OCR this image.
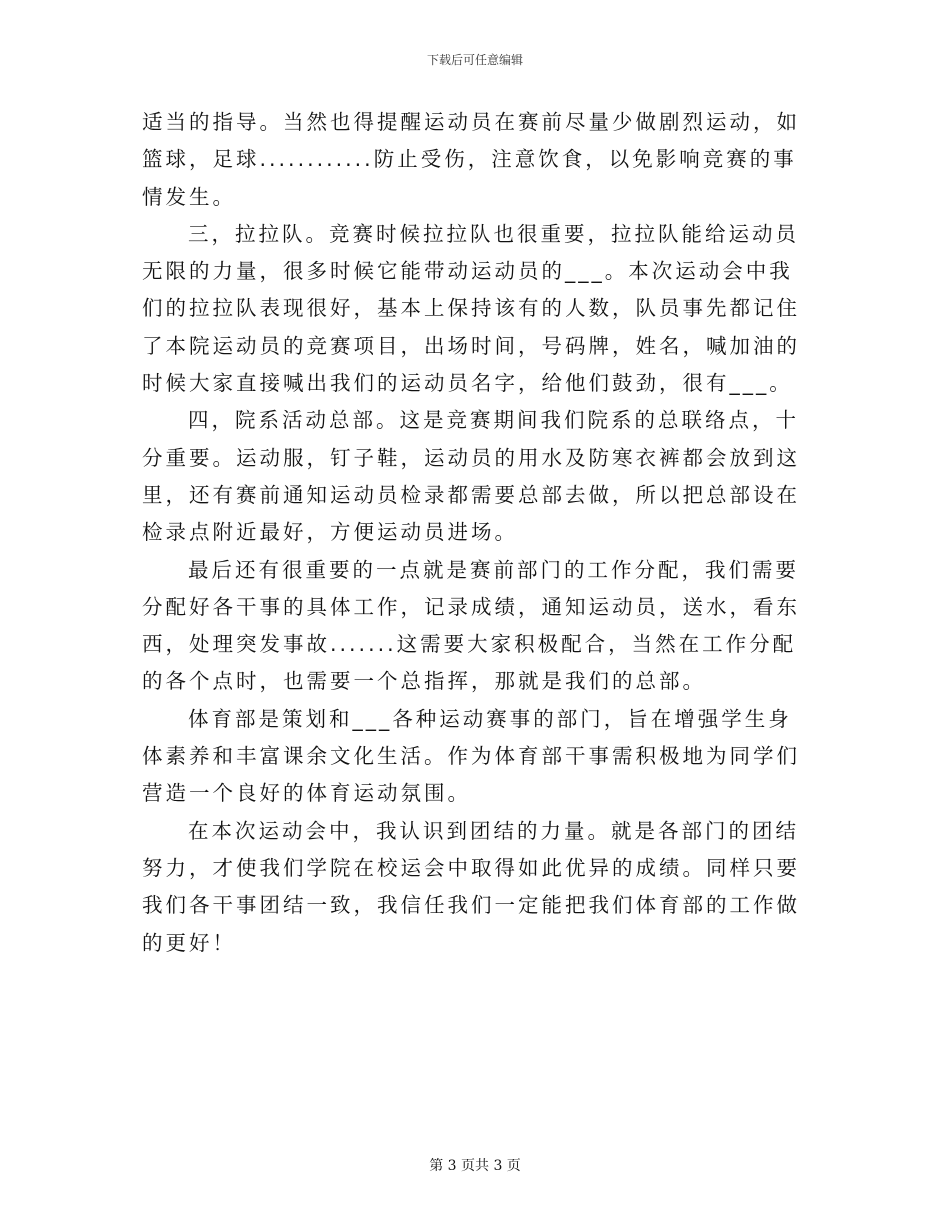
下载后可任意编辑

适当的指导。当然也得提醒运动员在赛前尽量少做剧烈运动，如篮球，足球............防止受伤，注意饮食，以免影响竞赛的事情发生。

三，拉拉队。竞赛时候拉拉队也很重要，拉拉队能给运动员无限的力量，很多时候它能带动运动员的___。本次运动会中我们的拉拉队表现很好，基本上保持该有的人数，队员事先都记住了本院运动员的竞赛项目，出场时间，号码牌，姓名，喊加油的时候大家直接喊出我们的运动员名字，给他们鼓劲，很有___。

四，院系活动总部。这是竞赛期间我们院系的总联络点，十分重要。运动服，钉子鞋，运动员的用水及防寒衣裤都会放到这里，还有赛前通知运动员检录都需要总部去做，所以把总部设在检录点附近最好，方便运动员进场。

最后还有很重要的一点就是赛前部门的工作分配，我们需要分配好各干事的具体工作，记录成绩，通知运动员，送水，看东西，处理突发事故.......这需要大家积极配合，当然在工作分配的各个点时，也需要一个总指挥，那就是我们的总部。

体育部是策划和___各种运动赛事的部门，旨在增强学生身体素养和丰富课余文化生活。作为体育部干事需积极地为同学们营造一个良好的体育运动氛围。

在本次运动会中，我认识到团结的力量。就是各部门的团结努力，才使我们学院在校运会中取得如此优异的成绩。同样只要我们各干事团结一致，我信任我们一定能把我们体育部的工作做的更好！

第 3 页共 3 页
